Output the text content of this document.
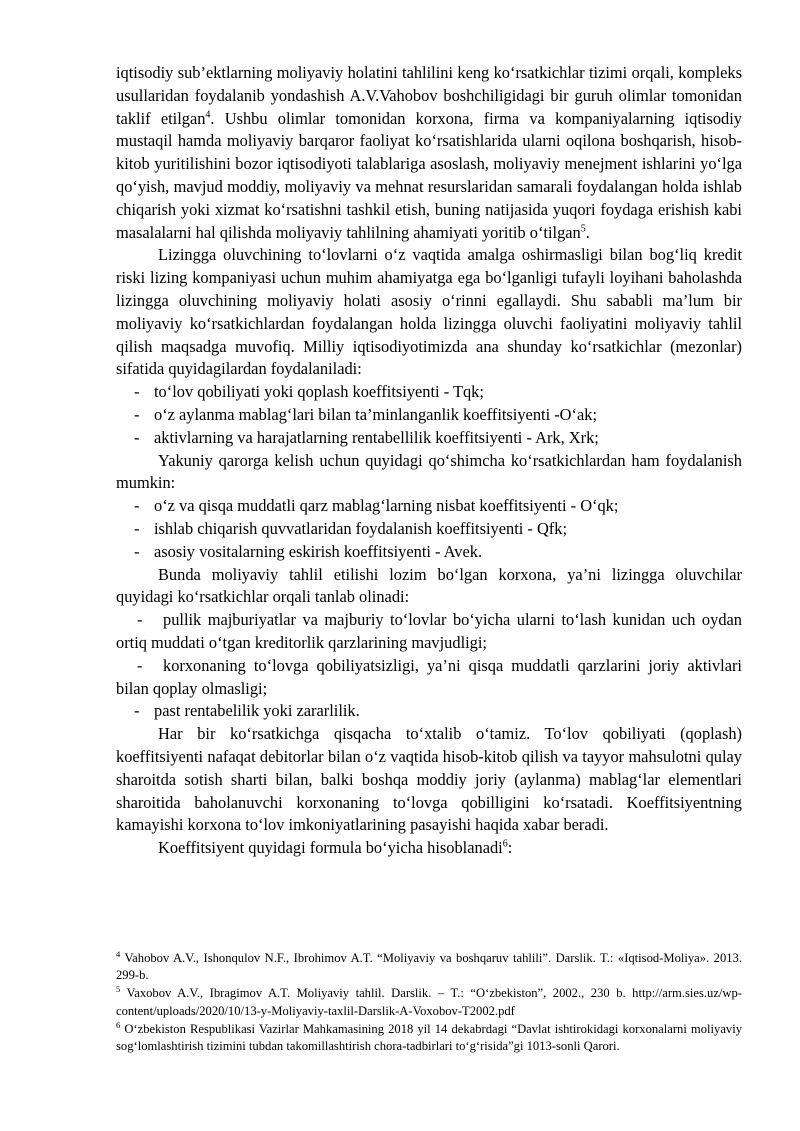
iqtisodiy sub’ektlarning moliyaviy holatini tahlilini keng ko‘rsatkichlar tizimi orqali, kompleks usullaridan foydalanib yondashish A.V.Vahobov boshchiligidagi bir guruh olimlar tomonidan taklif etilgan$^4$. Ushbu olimlar tomonidan korxona, firma va kompaniyalarning iqtisodiy mustaqil hamda moliyaviy barqaror faoliyat ko‘rsatishlarida ularni oqilona boshqarish, hisob-kitob yuritilishini bozor iqtisodiyoti talablariga asoslash, moliyaviy menejment ishlarini yo‘lga qo‘yish, mavjud moddiy, moliyaviy va mehnat resurslaridan samarali foydalangan holda ishlab chiqarish yoki xizmat ko‘rsatishni tashkil etish, buning natijasida yuqori foydaga erishish kabi masalalarni hal qilishda moliyaviy tahlilning ahamiyati yoritib o‘tilgan$^5$.

Lizingga oluvchining to‘lovlarni o‘z vaqtida amalga oshirmasligi bilan bog‘liq kredit riski lizing kompaniyasi uchun muhim ahamiyatga ega bo‘lganligi tufayli loyihani baholashda lizingga oluvchining moliyaviy holati asosiy o‘rinni egallaydi. Shu sababli ma’lum bir moliyaviy ko‘rsatkichlardan foydalangan holda lizingga oluvchi faoliyatini moliyaviy tahlil qilish maqsadga muvofiq. Milliy iqtisodiyotimizda ana shunday ko‘rsatkichlar (mezonlar) sifatida quyidagilardan foydalaniladi:

- to‘lov qobiliyati yoki qoplash koeffitsiyenti - Tqk;

- o‘z aylanma mablag‘lari bilan ta’minlanganlik koeffitsiyenti -O‘ak;

- aktivlarning va harajatlarning rentabellilik koeffitsiyenti - Ark, Xrk;

Yakuniy qarorga kelish uchun quyidagi qo‘shimcha ko‘rsatkichlardan ham foydalanish mumkin:

- o‘z va qisqa muddatli qarz mablag‘larning nisbat koeffitsiyenti - O‘qk;

- ishlab chiqarish quvvatlaridan foydalanish koeffitsiyenti - Qfk;

- asosiy vositalarning eskirish koeffitsiyenti - Avek.

Bunda moliyaviy tahlil etilishi lozim bo‘lgan korxona, ya’ni lizingga oluvchilar quyidagi ko‘rsatkichlar orqali tanlab olinadi:

- pullik majburiyatlar va majburiy to‘lovlar bo‘yicha ularni to‘lash kunidan uch oydan ortiq muddati o‘tgan kreditorlik qarzlarining mavjudligi;

- korxonaning to‘lovga qobiliyatsizligi, ya’ni qisqa muddatli qarzlarini joriy aktivlari bilan qoplay olmasligi;

- past rentabelilik yoki zararlilik.

Har bir ko‘rsatkichga qisqacha to‘xtalib o‘tamiz. To‘lov qobiliyati (qoplash) koeffitsiyenti nafaqat debitorlar bilan o‘z vaqtida hisob-kitob qilish va tayyor mahsulotni qulay sharoitda sotish sharti bilan, balki boshqa moddiy joriy (aylanma) mablag‘lar elementlari sharoitida baholanuvchi korxonaning to‘lovga qobilligini ko‘rsatadi. Koeffitsiyentning kamayishi korxona to‘lov imkoniyatlarining pasayishi haqida xabar beradi.

Koeffitsiyent quyidagi formula bo‘yicha hisoblanadi$^6$:

$^4$ Vahobov A.V., Ishonqulov N.F., Ibrohimov A.T. “Moliyaviy va boshqaruv tahlili”. Darslik. T.: «Iqtisod-Moliya». 2013. 299-b.

$^5$ Vaxobov A.V., Ibragimov A.T. Moliyaviy tahlil. Darslik. – T.: “O‘zbekiston”, 2002., 230 b. http://arm.sies.uz/wp-content/uploads/2020/10/13-y-Moliyaviy-taxlil-Darslik-A-Voxobov-T2002.pdf

$^6$ O‘zbekiston Respublikasi Vazirlar Mahkamasining 2018 yil 14 dekabrdagi “Davlat ishtirokidagi korxonalarni moliyaviy sog‘lomlashtirish tizimini tubdan takomillashtirish chora-tadbirlari to‘g‘risida”gi 1013-sonli Qarori.
